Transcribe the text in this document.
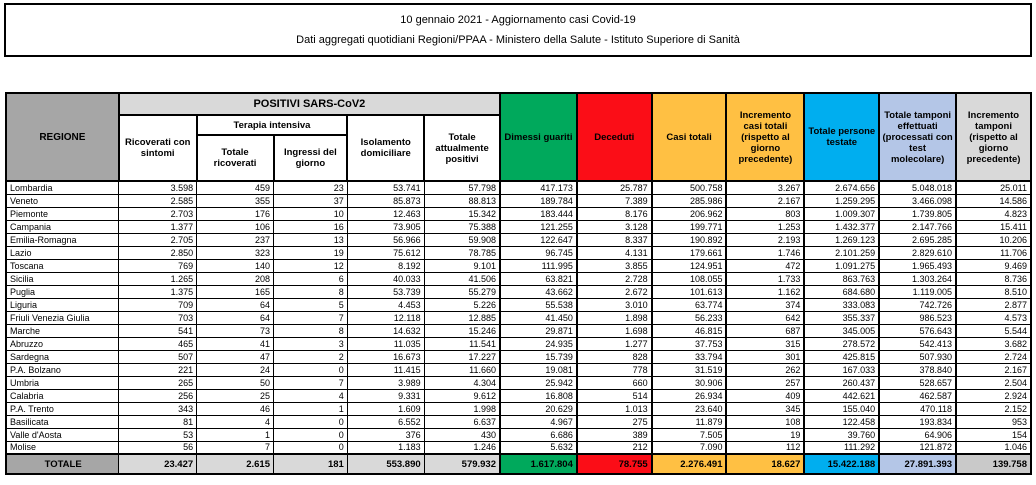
10 gennaio 2021 - Aggiornamento casi Covid-19
Dati aggregati quotidiani Regioni/PPAA - Ministero della Salute - Istituto Superiore di Sanità
REGIONE	POSITIVI SARS-CoV2					Dimessi guariti	Deceduti	Casi totali	Incremento casi totali (rispetto al giorno precedente)	Totale persone testate	Totale tamponi effettuati (processati con test molecolare)	Incremento tamponi (rispetto al giorno precedente)
	Ricoverati con sintomi	Terapia intensiva		Isolamento domiciliare	Totale attualmente positivi							
		Totale ricoverati	Ingressi del giorno									
Lombardia	3.598	459	23	53.741	57.798	417.173	25.787	500.758	3.267	2.674.656	5.048.018	25.011
Veneto	2.585	355	37	85.873	88.813	189.784	7.389	285.986	2.167	1.259.295	3.466.098	14.586
Piemonte	2.703	176	10	12.463	15.342	183.444	8.176	206.962	803	1.009.307	1.739.805	4.823
Campania	1.377	106	16	73.905	75.388	121.255	3.128	199.771	1.253	1.432.377	2.147.766	15.411
Emilia-Romagna	2.705	237	13	56.966	59.908	122.647	8.337	190.892	2.193	1.269.123	2.695.285	10.206
Lazio	2.850	323	19	75.612	78.785	96.745	4.131	179.661	1.746	2.101.259	2.829.610	11.706
Toscana	769	140	12	8.192	9.101	111.995	3.855	124.951	472	1.091.275	1.965.493	9.469
Sicilia	1.265	208	6	40.033	41.506	63.821	2.728	108.055	1.733	863.763	1.303.264	8.736
Puglia	1.375	165	8	53.739	55.279	43.662	2.672	101.613	1.162	684.680	1.119.005	8.510
Liguria	709	64	5	4.453	5.226	55.538	3.010	63.774	374	333.083	742.726	2.877
Friuli Venezia Giulia	703	64	7	12.118	12.885	41.450	1.898	56.233	642	355.337	986.523	4.573
Marche	541	73	8	14.632	15.246	29.871	1.698	46.815	687	345.005	576.643	5.544
Abruzzo	465	41	3	11.035	11.541	24.935	1.277	37.753	315	278.572	542.413	3.682
Sardegna	507	47	2	16.673	17.227	15.739	828	33.794	301	425.815	507.930	2.724
P.A. Bolzano	221	24	0	11.415	11.660	19.081	778	31.519	262	167.033	378.840	2.167
Umbria	265	50	7	3.989	4.304	25.942	660	30.906	257	260.437	528.657	2.504
Calabria	256	25	4	9.331	9.612	16.808	514	26.934	409	442.621	462.587	2.924
P.A. Trento	343	46	1	1.609	1.998	20.629	1.013	23.640	345	155.040	470.118	2.152
Basilicata	81	4	0	6.552	6.637	4.967	275	11.879	108	122.458	193.834	953
Valle d'Aosta	53	1	0	376	430	6.686	389	7.505	19	39.760	64.906	154
Molise	56	7	0	1.183	1.246	5.632	212	7.090	112	111.292	121.872	1.046
TOTALE	23.427	2.615	181	553.890	579.932	1.617.804	78.755	2.276.491	18.627	15.422.188	27.891.393	139.758
